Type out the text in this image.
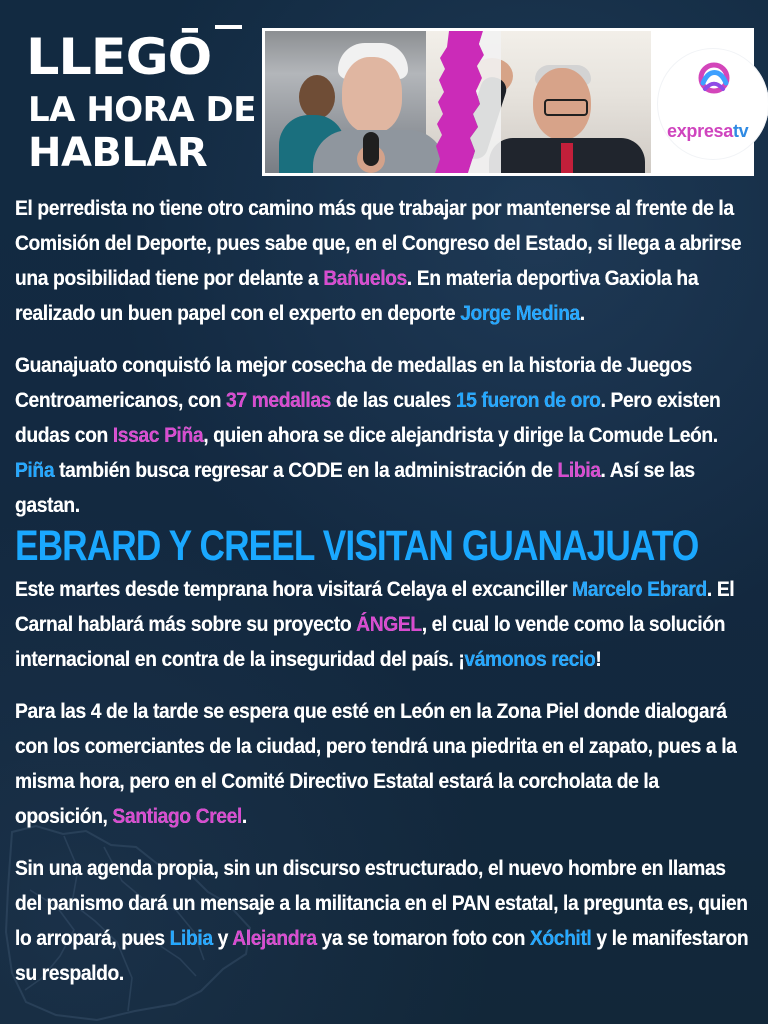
LLEGŌ
LA HORA DE
HABLAR	expresatv

El perredista no tiene otro camino más que trabajar por mantenerse al frente de la Comisión del Deporte, pues sabe que, en el Congreso del Estado, si llega a abrirse una posibilidad tiene por delante a Bañuelos. En materia deportiva Gaxiola ha realizado un buen papel con el experto en deporte Jorge Medina.

Guanajuato conquistó la mejor cosecha de medallas en la historia de Juegos Centroamericanos, con 37 medallas de las cuales 15 fueron de oro. Pero existen dudas con Issac Piña, quien ahora se dice alejandrista y dirige la Comude León. Piña también busca regresar a CODE en la administración de Libia. Así se las gastan.

EBRARD Y CREEL VISITAN GUANAJUATO

Este martes desde temprana hora visitará Celaya el excanciller Marcelo Ebrard. El Carnal hablará más sobre su proyecto ÁNGEL, el cual lo vende como la solución internacional en contra de la inseguridad del país. ¡vámonos recio!

Para las 4 de la tarde se espera que esté en León en la Zona Piel donde dialogará con los comerciantes de la ciudad, pero tendrá una piedrita en el zapato, pues a la misma hora, pero en el Comité Directivo Estatal estará la corcholata de la oposición, Santiago Creel.

Sin una agenda propia, sin un discurso estructurado, el nuevo hombre en llamas del panismo dará un mensaje a la militancia en el PAN estatal, la pregunta es, quien lo arropará, pues Libia y Alejandra ya se tomaron foto con Xóchitl y le manifestaron su respaldo.
